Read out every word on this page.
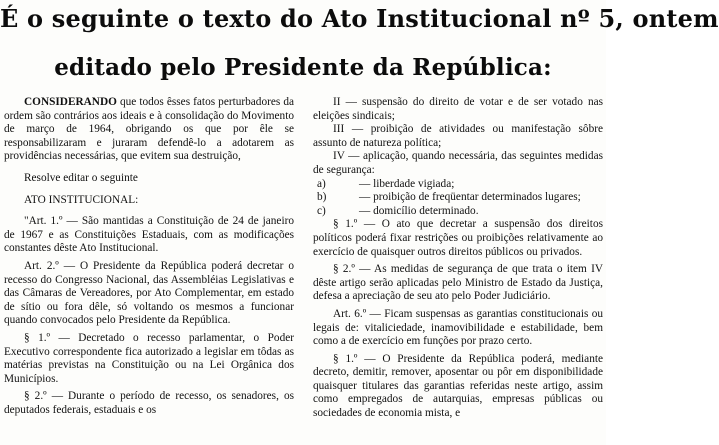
É o seguinte o texto do Ato Institucional nº 5, ontem
editado pelo Presidente da República:

CONSIDERANDO que todos êsses fatos perturbadores da ordem são contrários aos ideais e à consolidação do Movimento de março de 1964, obrigando os que por êle se responsabilizaram e juraram defendê-lo a adotarem as providências necessárias, que evitem sua destruição,

Resolve editar o seguinte

ATO INSTITUCIONAL:

"Art. 1.º — São mantidas a Constituição de 24 de janeiro de 1967 e as Constituições Estaduais, com as modificações constantes dêste Ato Institucional.

Art. 2.º — O Presidente da República poderá decretar o recesso do Congresso Nacional, das Assembléias Legislativas e das Câmaras de Vereadores, por Ato Complementar, em estado de sítio ou fora dêle, só voltando os mesmos a funcionar quando convocados pelo Presidente da República.

§ 1.º — Decretado o recesso parlamentar, o Poder Executivo correspondente fica autorizado a legislar em tôdas as matérias previstas na Constituição ou na Lei Orgânica dos Municípios.

§ 2.º — Durante o período de recesso, os senadores, os deputados federais, estaduais e os

II — suspensão do direito de votar e de ser votado nas eleições sindicais;

III — proibição de atividades ou manifestação sôbre assunto de natureza política;

IV — aplicação, quando necessária, das seguintes medidas de segurança:

a)	— liberdade vigiada;
b)	— proibição de freqüentar determinados lugares;
c)	— domicílio determinado.

§ 1.º — O ato que decretar a suspensão dos direitos políticos poderá fixar restrições ou proibições relativamente ao exercício de quaisquer outros direitos públicos ou privados.

§ 2.º — As medidas de segurança de que trata o item IV dêste artigo serão aplicadas pelo Ministro de Estado da Justiça, defesa a apreciação de seu ato pelo Poder Judiciário.

Art. 6.º — Ficam suspensas as garantias constitucionais ou legais de: vitaliciedade, inamovibilidade e estabilidade, bem como a de exercício em funções por prazo certo.

§ 1.º — O Presidente da República poderá, mediante decreto, demitir, remover, aposentar ou pôr em disponibilidade quaisquer titulares das garantias referidas neste artigo, assim como empregados de autarquias, empresas públicas ou sociedades de economia mista, e
